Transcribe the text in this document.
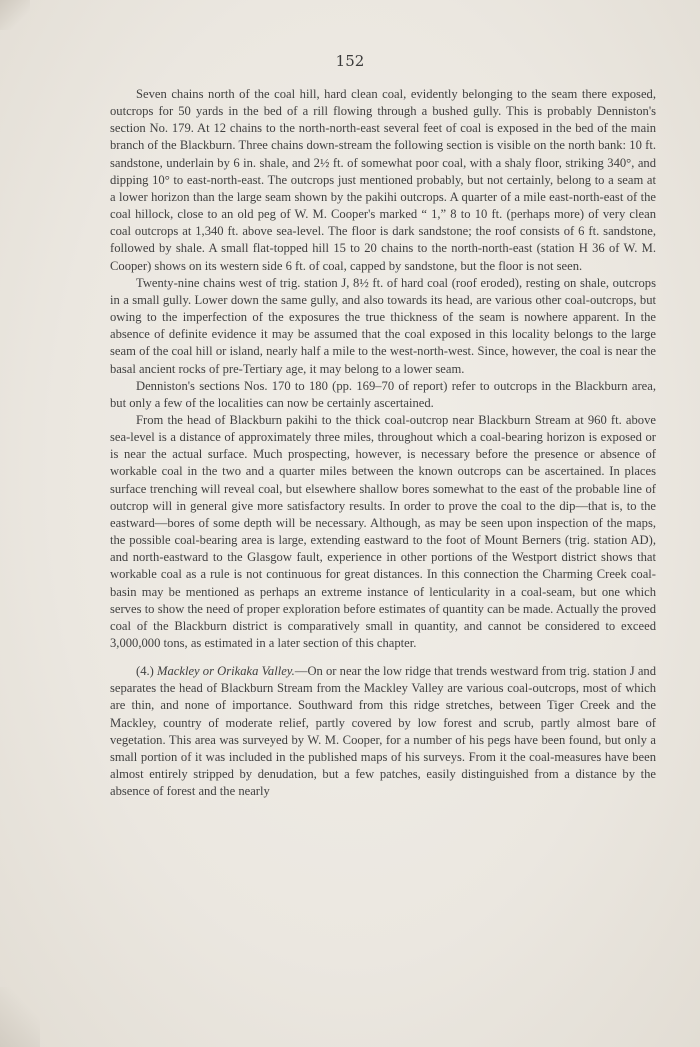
152

Seven chains north of the coal hill, hard clean coal, evidently belonging to the seam there exposed, outcrops for 50 yards in the bed of a rill flowing through a bushed gully. This is probably Denniston's section No. 179. At 12 chains to the north-north-east several feet of coal is exposed in the bed of the main branch of the Blackburn. Three chains down-stream the following section is visible on the north bank: 10 ft. sandstone, underlain by 6 in. shale, and 2½ ft. of somewhat poor coal, with a shaly floor, striking 340°, and dipping 10° to east-north-east. The outcrops just mentioned probably, but not certainly, belong to a seam at a lower horizon than the large seam shown by the pakihi outcrops. A quarter of a mile east-north-east of the coal hillock, close to an old peg of W. M. Cooper's marked “ 1,” 8 to 10 ft. (perhaps more) of very clean coal outcrops at 1,340 ft. above sea-level. The floor is dark sandstone; the roof consists of 6 ft. sandstone, followed by shale. A small flat-topped hill 15 to 20 chains to the north-north-east (station H 36 of W. M. Cooper) shows on its western side 6 ft. of coal, capped by sandstone, but the floor is not seen.

Twenty-nine chains west of trig. station J, 8½ ft. of hard coal (roof eroded), resting on shale, outcrops in a small gully. Lower down the same gully, and also towards its head, are various other coal-outcrops, but owing to the imperfection of the exposures the true thickness of the seam is nowhere apparent. In the absence of definite evidence it may be assumed that the coal exposed in this locality belongs to the large seam of the coal hill or island, nearly half a mile to the west-north-west. Since, however, the coal is near the basal ancient rocks of pre-Tertiary age, it may belong to a lower seam.

Denniston's sections Nos. 170 to 180 (pp. 169–70 of report) refer to outcrops in the Blackburn area, but only a few of the localities can now be certainly ascertained.

From the head of Blackburn pakihi to the thick coal-outcrop near Blackburn Stream at 960 ft. above sea-level is a distance of approximately three miles, throughout which a coal-bearing horizon is exposed or is near the actual surface. Much prospecting, however, is necessary before the presence or absence of workable coal in the two and a quarter miles between the known outcrops can be ascertained. In places surface trenching will reveal coal, but elsewhere shallow bores somewhat to the east of the probable line of outcrop will in general give more satisfactory results. In order to prove the coal to the dip—that is, to the eastward—bores of some depth will be necessary. Although, as may be seen upon inspection of the maps, the possible coal-bearing area is large, extending eastward to the foot of Mount Berners (trig. station AD), and north-eastward to the Glasgow fault, experience in other portions of the Westport district shows that workable coal as a rule is not continuous for great distances. In this connection the Charming Creek coal-basin may be mentioned as perhaps an extreme instance of lenticularity in a coal-seam, but one which serves to show the need of proper exploration before estimates of quantity can be made. Actually the proved coal of the Blackburn district is comparatively small in quantity, and cannot be considered to exceed 3,000,000 tons, as estimated in a later section of this chapter.

(4.) Mackley or Orikaka Valley.—On or near the low ridge that trends westward from trig. station J and separates the head of Blackburn Stream from the Mackley Valley are various coal-outcrops, most of which are thin, and none of importance. Southward from this ridge stretches, between Tiger Creek and the Mackley, country of moderate relief, partly covered by low forest and scrub, partly almost bare of vegetation. This area was surveyed by W. M. Cooper, for a number of his pegs have been found, but only a small portion of it was included in the published maps of his surveys. From it the coal-measures have been almost entirely stripped by denudation, but a few patches, easily distinguished from a distance by the absence of forest and the nearly
